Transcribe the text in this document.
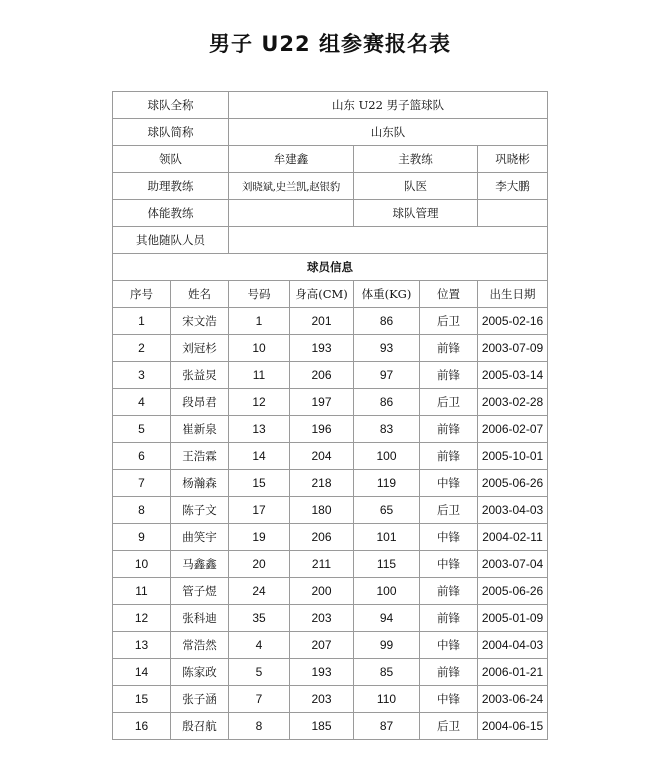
男子 U22 组参赛报名表
球队全称		山东 U22 男子篮球队				
球队简称		山东队				
领队		牟建鑫		主教练		巩晓彬
助理教练		刘晓斌,史兰凯,赵银豹		队医		李大鹏
体能教练				球队管理		
其他随队人员						
球员信息						
序号	姓名	号码	身高(CM)	体重(KG)	位置	出生日期
1	宋文浩	1	201	86	后卫	2005-02-16
2	刘冠杉	10	193	93	前锋	2003-07-09
3	张益炅	11	206	97	前锋	2005-03-14
4	段昂君	12	197	86	后卫	2003-02-28
5	崔新泉	13	196	83	前锋	2006-02-07
6	王浩霖	14	204	100	前锋	2005-10-01
7	杨瀚森	15	218	119	中锋	2005-06-26
8	陈子文	17	180	65	后卫	2003-04-03
9	曲笑宇	19	206	101	中锋	2004-02-11
10	马鑫鑫	20	211	115	中锋	2003-07-04
11	管子煜	24	200	100	前锋	2005-06-26
12	张科迪	35	203	94	前锋	2005-01-09
13	常浩然	4	207	99	中锋	2004-04-03
14	陈家政	5	193	85	前锋	2006-01-21
15	张子涵	7	203	110	中锋	2003-06-24
16	殷召航	8	185	87	后卫	2004-06-15
